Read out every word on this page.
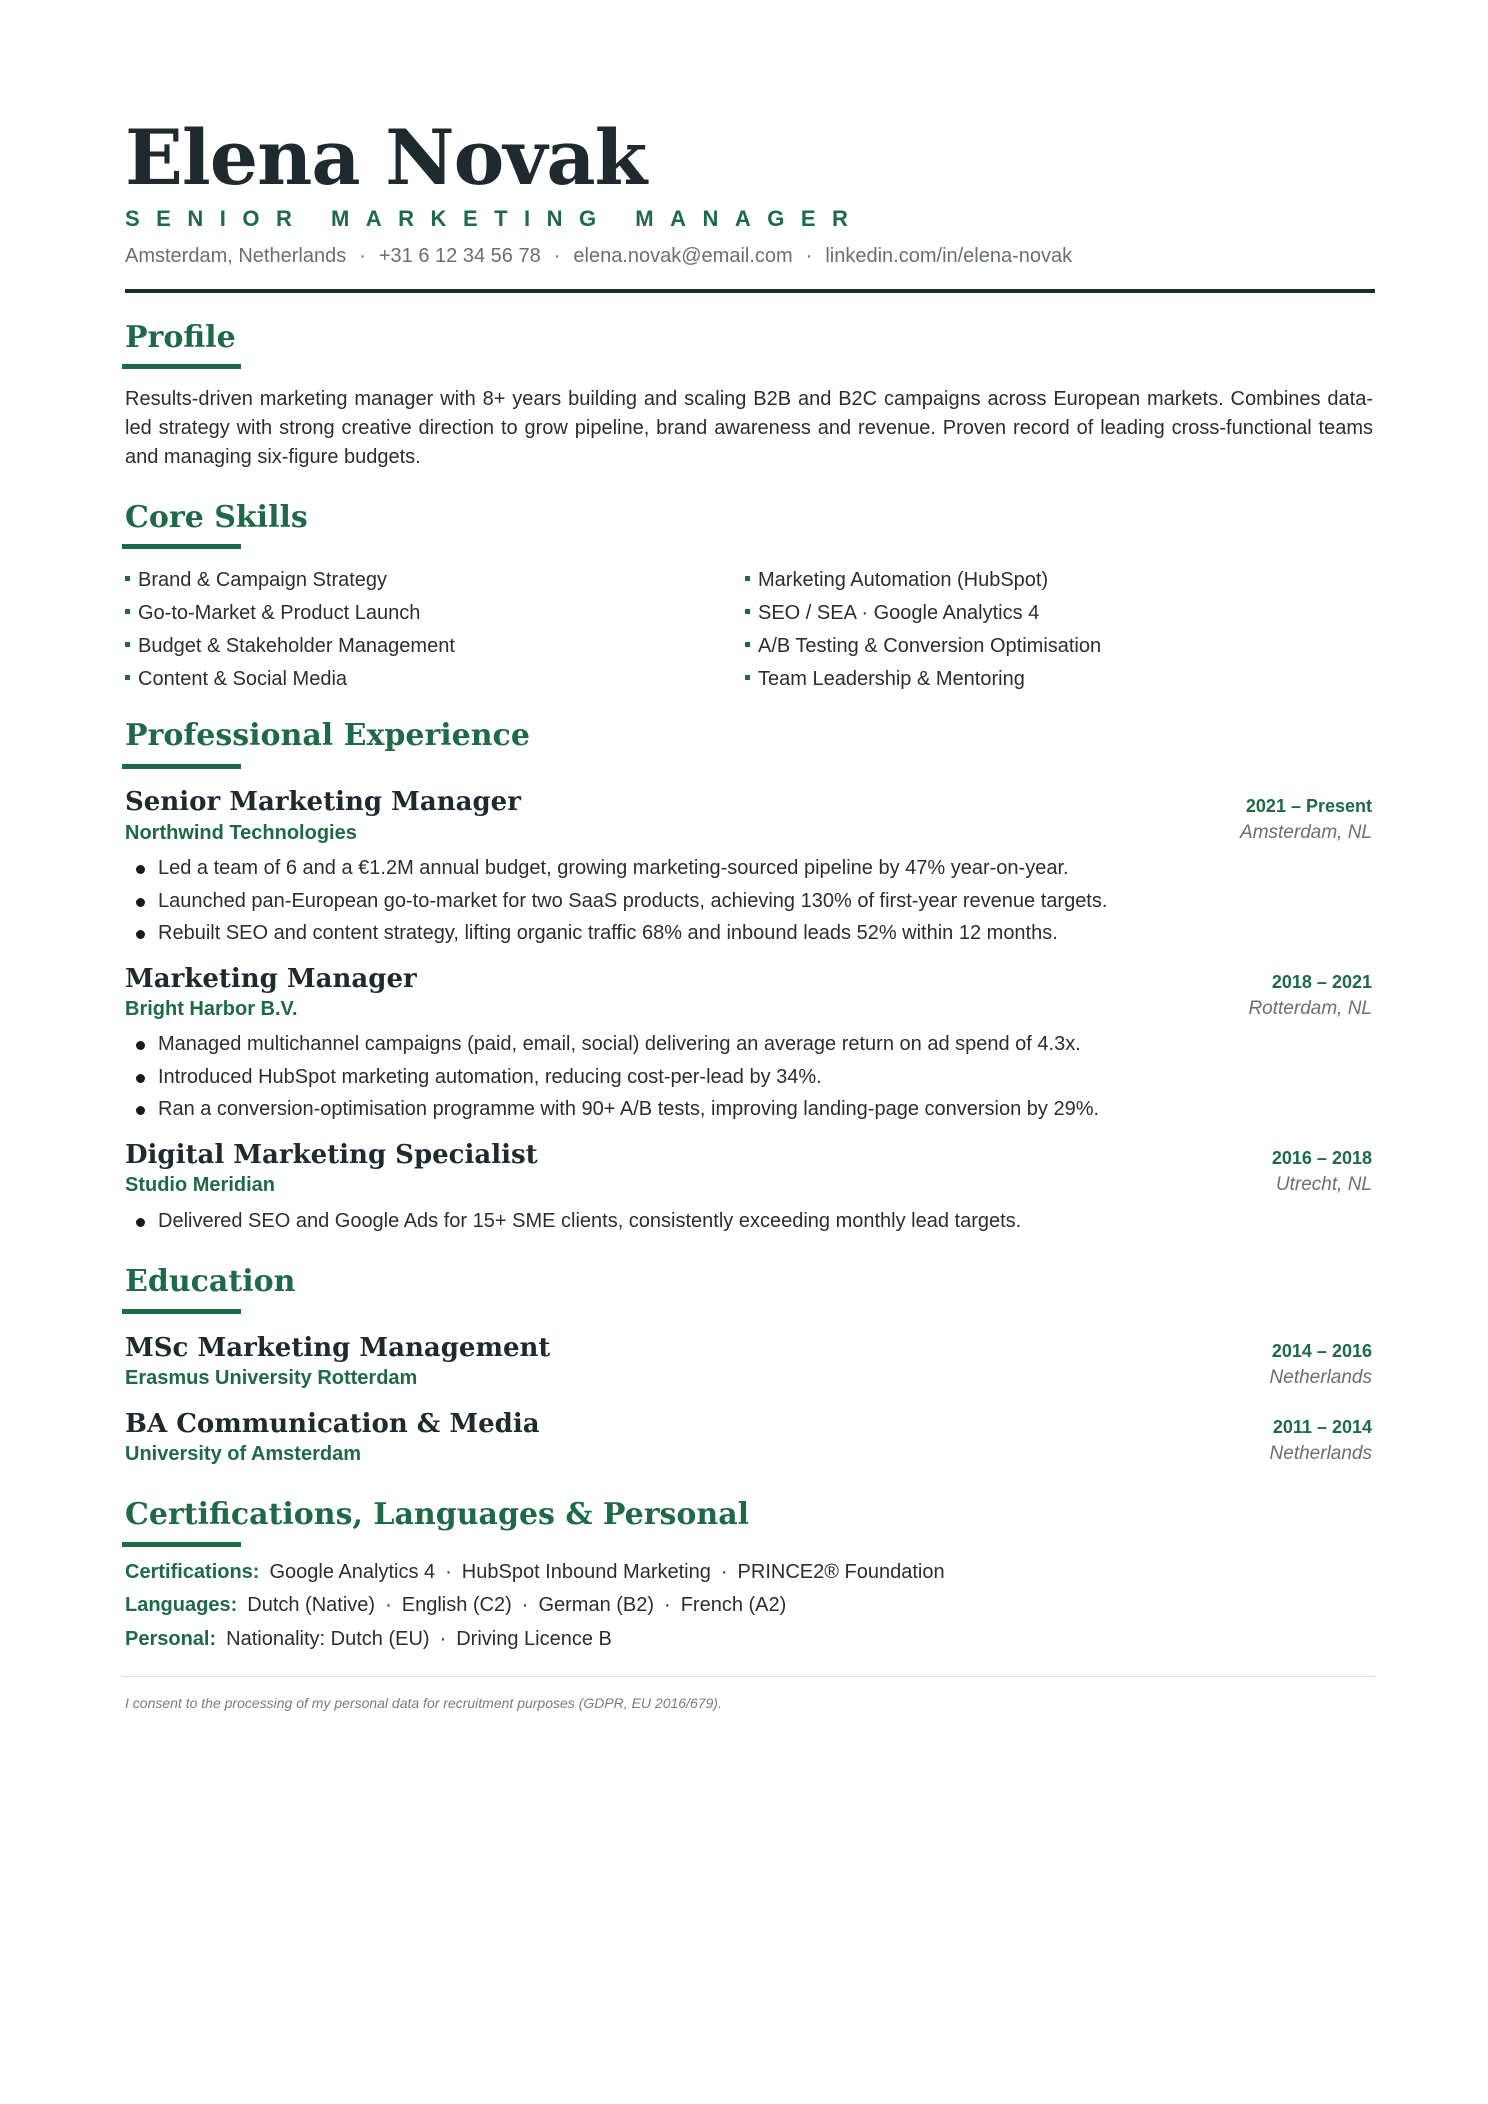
Elena Novak
SENIOR MARKETING MANAGER
Amsterdam, Netherlands · +31 6 12 34 56 78 · elena.novak@email.com · linkedin.com/in/elena-novak
Profile
Results-driven marketing manager with 8+ years building and scaling B2B and B2C campaigns across European markets. Combines data-led strategy with strong creative direction to grow pipeline, brand awareness and revenue. Proven record of leading cross-functional teams and managing six-figure budgets.
Core Skills
Brand & Campaign Strategy
Go-to-Market & Product Launch
Budget & Stakeholder Management
Content & Social Media
Marketing Automation (HubSpot)
SEO / SEA · Google Analytics 4
A/B Testing & Conversion Optimisation
Team Leadership & Mentoring
Professional Experience
Senior Marketing Manager	2021 – Present
Northwind Technologies	Amsterdam, NL
Led a team of 6 and a €1.2M annual budget, growing marketing-sourced pipeline by 47% year-on-year.
Launched pan-European go-to-market for two SaaS products, achieving 130% of first-year revenue targets.
Rebuilt SEO and content strategy, lifting organic traffic 68% and inbound leads 52% within 12 months.
Marketing Manager	2018 – 2021
Bright Harbor B.V.	Rotterdam, NL
Managed multichannel campaigns (paid, email, social) delivering an average return on ad spend of 4.3x.
Introduced HubSpot marketing automation, reducing cost-per-lead by 34%.
Ran a conversion-optimisation programme with 90+ A/B tests, improving landing-page conversion by 29%.
Digital Marketing Specialist	2016 – 2018
Studio Meridian	Utrecht, NL
Delivered SEO and Google Ads for 15+ SME clients, consistently exceeding monthly lead targets.
Education
MSc Marketing Management	2014 – 2016
Erasmus University Rotterdam	Netherlands
BA Communication & Media	2011 – 2014
University of Amsterdam	Netherlands
Certifications, Languages & Personal
Certifications: Google Analytics 4 · HubSpot Inbound Marketing · PRINCE2® Foundation
Languages: Dutch (Native) · English (C2) · German (B2) · French (A2)
Personal: Nationality: Dutch (EU) · Driving Licence B
I consent to the processing of my personal data for recruitment purposes (GDPR, EU 2016/679).
